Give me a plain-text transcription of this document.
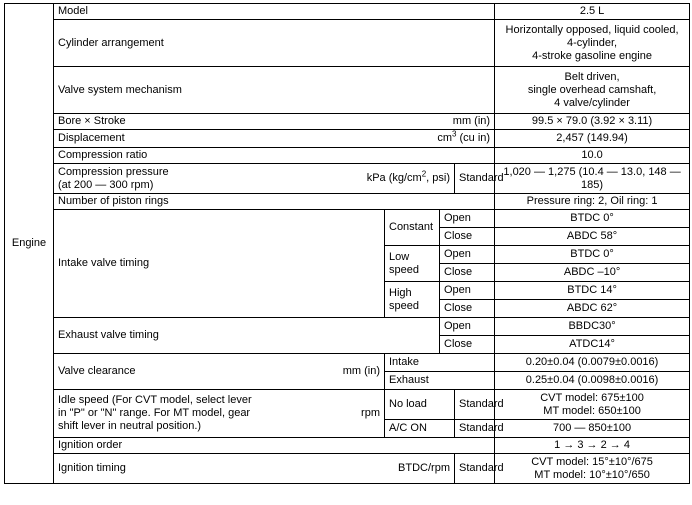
Engine	Model				2.5 L
	Cylinder arrangement				Horizontally opposed, liquid cooled,
4-cylinder,
4-stroke gasoline engine
	Valve system mechanism				Belt driven,
single overhead camshaft,
4 valve/cylinder

	Bore × Stroke mm (in)				99.5 × 79.0 (3.92 × 3.11)

	Displacement $cm^3$ (cu in)				2,457 (149.94)
	Compression ratio				10.0

	Compression pressure
(at 200 — 300 rpm)
kPa ($kg/cm^2$, psi)			Standard	1,020 — 1,275 (10.4 — 13.0, 148 — 185)
	Number of piston rings				Pressure ring: 2, Oil ring: 1
	Intake valve timing	Constant	Open		BTDC 0°
			Close		ABDC 58°
		Low
speed	Open		BTDC 0°
			Close		ABDC –10°
		High
speed	Open		BTDC 14°
			Close		ABDC 62°
	Exhaust valve timing		Open		BBDC30°
			Close		ATDC14°

	Valve clearance mm (in)	Intake			0.20±0.04 (0.0079±0.0016)
		Exhaust			0.25±0.04 (0.0098±0.0016)

	Idle speed (For CVT model, select lever
in "P" or "N" range. For MT model, gear
shift lever in neutral position.)
rpm	No load		Standard	CVT model: 675±100
MT model: 650±100
		A/C ON		Standard	700 — 850±100
	Ignition order				1 → 3 → 2 → 4

	Ignition timing BTDC/rpm			Standard	CVT model: 15°±10°/675
MT model: 10°±10°/650
